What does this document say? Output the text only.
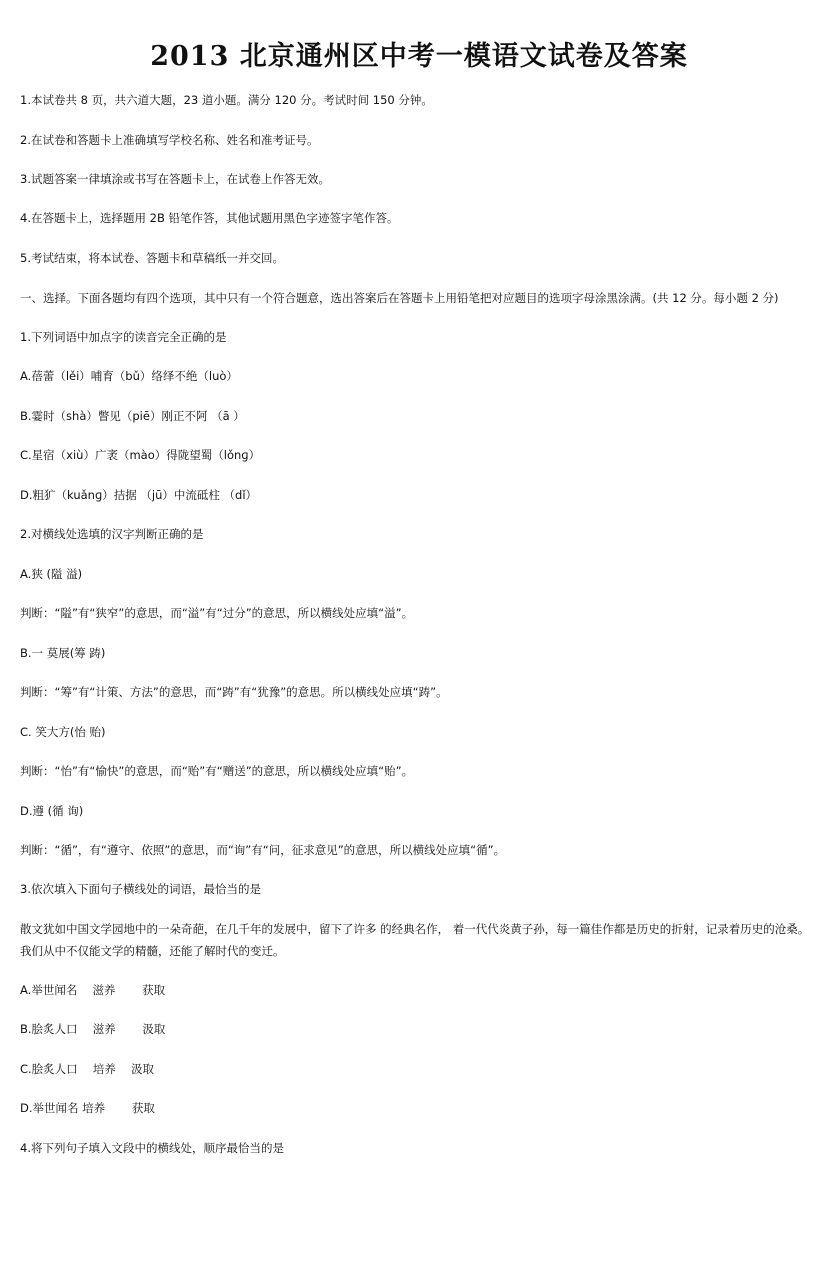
2013 北京通州区中考一模语文试卷及答案
1.本试卷共 8 页，共六道大题，23 道小题。满分 120 分。考试时间 150 分钟。
2.在试卷和答题卡上准确填写学校名称、姓名和准考证号。
3.试题答案一律填涂或书写在答题卡上，在试卷上作答无效。
4.在答题卡上，选择题用 2B 铅笔作答，其他试题用黑色字迹签字笔作答。
5.考试结束，将本试卷、答题卡和草稿纸一并交回。
一、选择。下面各题均有四个选项，其中只有一个符合题意，选出答案后在答题卡上用铅笔把对应题目的选项字母涂黑涂满。(共 12 分。每小题 2 分)
1.下列词语中加点字的读音完全正确的是
A.蓓蕾（lěi）哺育（bǔ）络绎不绝（luò）
B.霎时（shà）瞥见（piē）刚正不阿 （ā ）
C.星宿（xiù）广袤（mào）得陇望蜀（lǒnɡ）
D.粗犷（kuǎnɡ）拮据 （jū）中流砥柱 （dǐ）
2.对横线处选填的汉字判断正确的是
A.狭 (隘 溢)
判断：“隘”有“狭窄”的意思，而“溢”有“过分”的意思，所以横线处应填“溢”。
B.一 莫展(筹 踌)
判断：“筹”有“计策、方法”的意思，而“踌”有“犹豫”的意思。所以横线处应填“踌”。
C. 笑大方(怡 贻)
判断：“怡”有“愉快”的意思，而“贻”有“赠送”的意思，所以横线处应填“贻”。
D.遵 (循 询)
判断：“循”，有“遵守、依照”的意思，而“询”有“问，征求意见”的意思，所以横线处应填“循”。
3.依次填入下面句子横线处的词语，最恰当的是
散文犹如中国文学园地中的一朵奇葩，在几千年的发展中，留下了许多 的经典名作， 着一代代炎黄子孙，每一篇佳作都是历史的折射，记录着历史的沧桑。我们从中不仅能文学的精髓，还能了解时代的变迁。
A.举世闻名　 滋养　　 获取
B.脍炙人口　 滋养　　 汲取
C.脍炙人口　 培养　 汲取
D.举世闻名 培养　　 获取
4.将下列句子填入文段中的横线处，顺序最恰当的是
